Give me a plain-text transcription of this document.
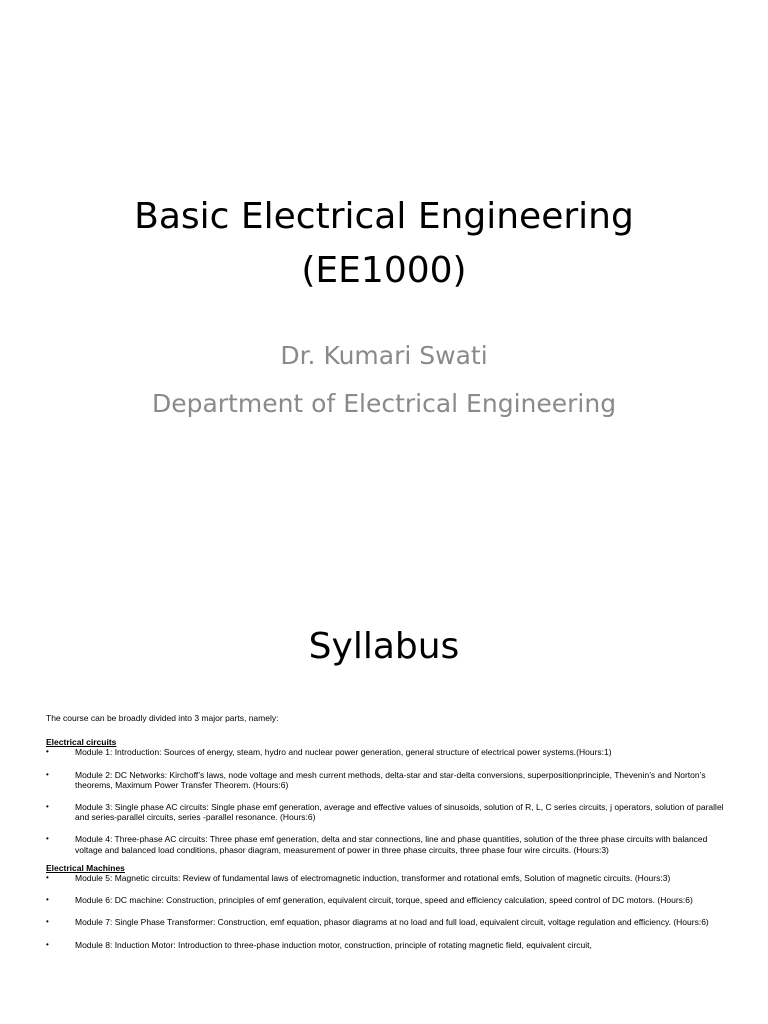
Basic Electrical Engineering
(EE1000)
Dr. Kumari Swati
Department of Electrical Engineering
Syllabus
The course can be broadly divided into 3 major parts, namely:
Electrical circuits
•	Module 1: Introduction: Sources of energy, steam, hydro and nuclear power generation, general structure of electrical power systems.(Hours:1)
•	Module 2: DC Networks: Kirchoff’s laws, node voltage and mesh current methods, delta-star and star-delta conversions, superpositionprinciple, Thevenin’s and Norton’s theorems, Maximum Power Transfer Theorem. (Hours:6)
•	Module 3: Single phase AC circuits: Single phase emf generation, average and effective values of sinusoids, solution of R, L, C series circuits, j operators, solution of parallel and series-parallel circuits, series -parallel resonance. (Hours:6)
•	Module 4: Three-phase AC circuits: Three phase emf generation, delta and star connections, line and phase quantities, solution of the three phase circuits with balanced voltage and balanced load conditions, phasor diagram, measurement of power in three phase circuits, three phase four wire circuits. (Hours:3)
Electrical Machines
•	Module 5: Magnetic circuits: Review of fundamental laws of electromagnetic induction, transformer and rotational emfs, Solution of magnetic circuits. (Hours:3)
•	Module 6: DC machine: Construction, principles of emf generation, equivalent circuit, torque, speed and efficiency calculation, speed control of DC motors. (Hours:6)
•	Module 7: Single Phase Transformer: Construction, emf equation, phasor diagrams at no load and full load, equivalent circuit, voltage regulation and efficiency. (Hours:6)
•	Module 8: Induction Motor: Introduction to three-phase induction motor, construction, principle of rotating magnetic field, equivalent circuit,
